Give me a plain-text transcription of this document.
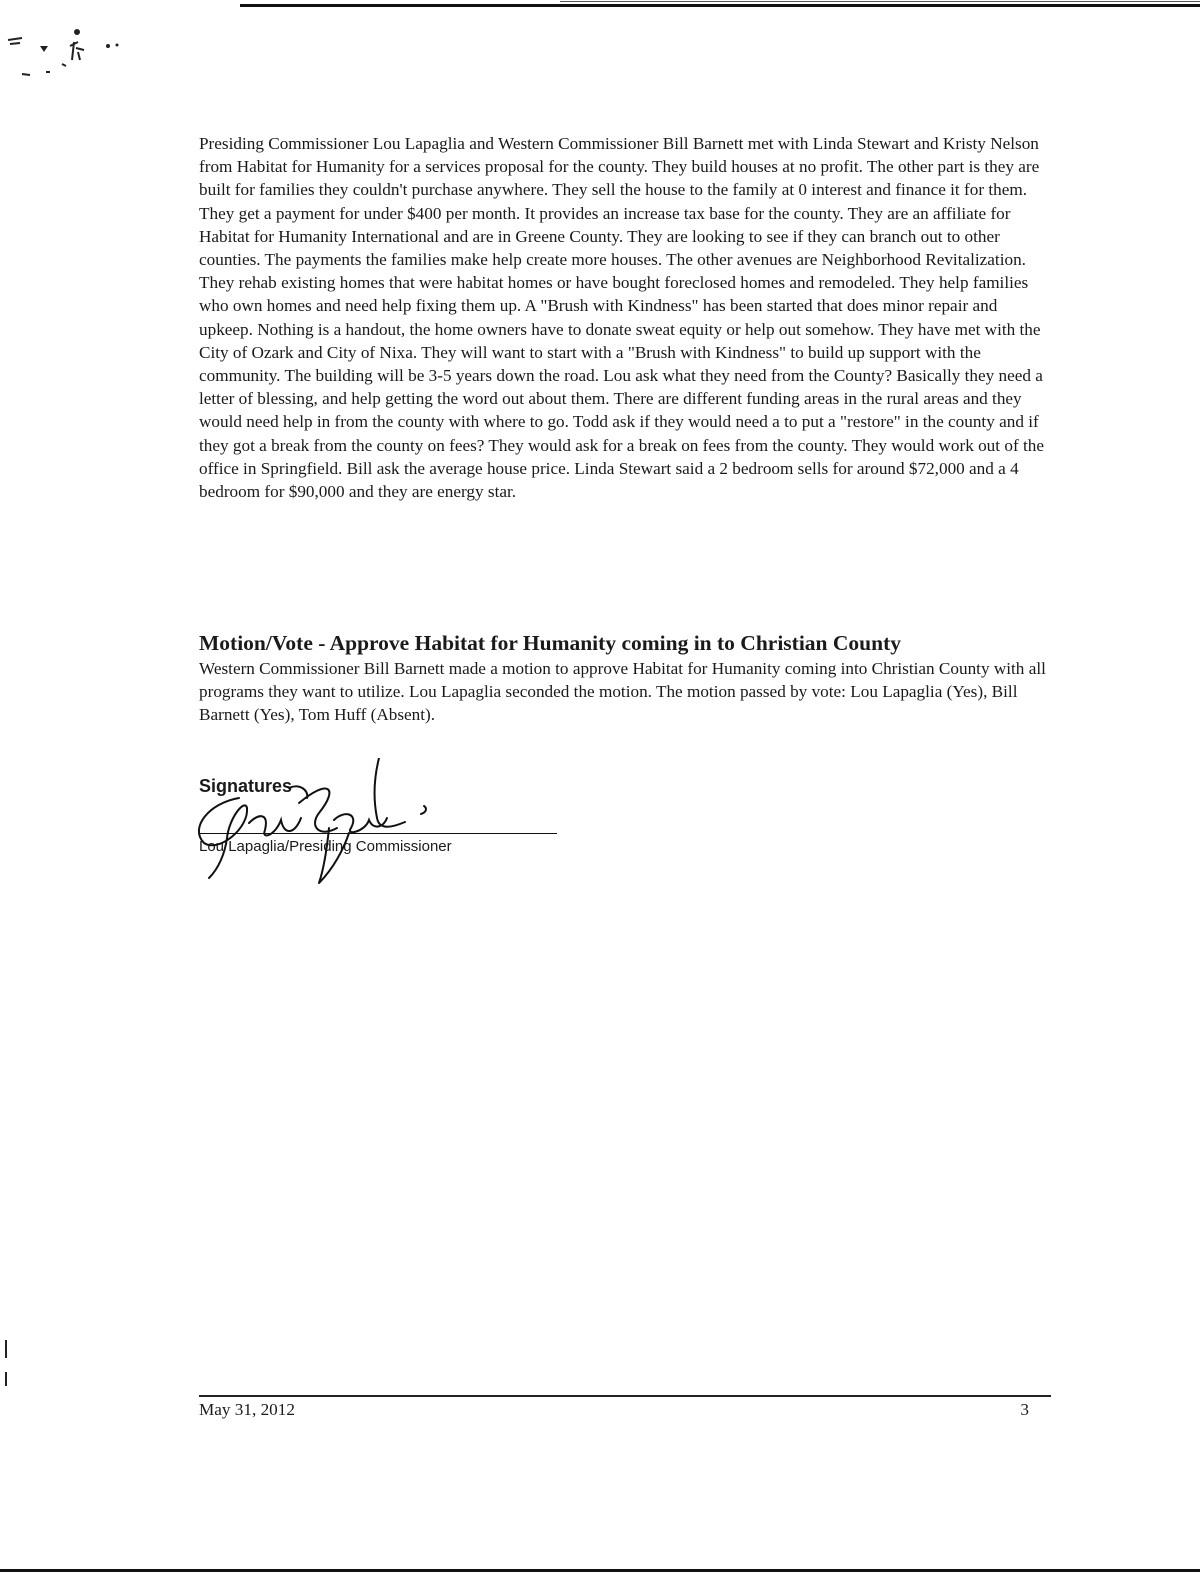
Presiding Commissioner Lou Lapaglia and Western Commissioner Bill Barnett met with Linda Stewart and Kristy Nelson from Habitat for Humanity for a services proposal for the county. They build houses at no profit. The other part is they are built for families they couldn't purchase anywhere. They sell the house to the family at 0 interest and finance it for them. They get a payment for under $400 per month. It provides an increase tax base for the county. They are an affiliate for Habitat for Humanity International and are in Greene County. They are looking to see if they can branch out to other counties. The payments the families make help create more houses. The other avenues are Neighborhood Revitalization. They rehab existing homes that were habitat homes or have bought foreclosed homes and remodeled. They help families who own homes and need help fixing them up. A "Brush with Kindness" has been started that does minor repair and upkeep. Nothing is a handout, the home owners have to donate sweat equity or help out somehow. They have met with the City of Ozark and City of Nixa. They will want to start with a "Brush with Kindness" to build up support with the community. The building will be 3-5 years down the road. Lou ask what they need from the County? Basically they need a letter of blessing, and help getting the word out about them. There are different funding areas in the rural areas and they would need help in from the county with where to go. Todd ask if they would need a to put a "restore" in the county and if they got a break from the county on fees? They would ask for a break on fees from the county. They would work out of the office in Springfield. Bill ask the average house price. Linda Stewart said a 2 bedroom sells for around $72,000 and a 4 bedroom for $90,000 and they are energy star.

Motion/Vote - Approve Habitat for Humanity coming in to Christian County

Western Commissioner Bill Barnett made a motion to approve Habitat for Humanity coming into Christian County with all programs they want to utilize. Lou Lapaglia seconded the motion. The motion passed by vote: Lou Lapaglia (Yes), Bill Barnett (Yes), Tom Huff (Absent).

Signatures

Lou Lapaglia/Presiding Commissioner

May 31, 2012	3
